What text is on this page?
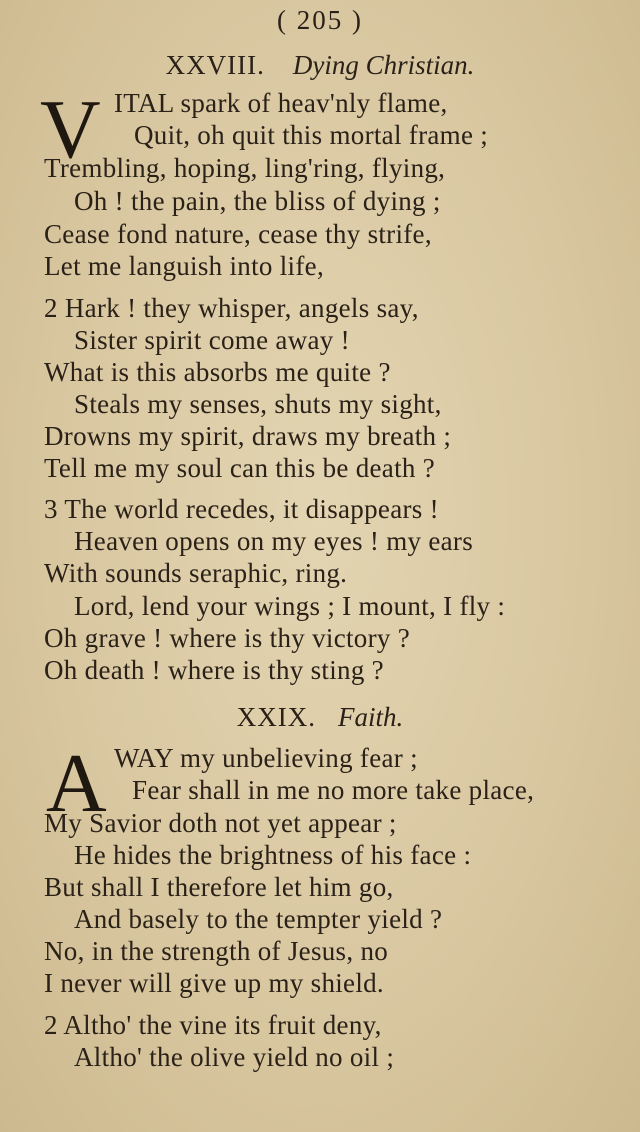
( 205 )
XXVIII. Dying Christian.
V ITAL spark of heav'nly flame,
Quit, oh quit this mortal frame ;
Trembling, hoping, ling'ring, flying,
Oh ! the pain, the bliss of dying ;
Cease fond nature, cease thy strife,
Let me languish into life,
2 Hark ! they whisper, angels say,
Sister spirit come away !
What is this absorbs me quite ?
Steals my senses, shuts my sight,
Drowns my spirit, draws my breath ;
Tell me my soul can this be death ?
3 The world recedes, it disappears !
Heaven opens on my eyes ! my ears
With sounds seraphic, ring.
Lord, lend your wings ; I mount, I fly :
Oh grave ! where is thy victory ?
Oh death ! where is thy sting ?
XXIX. Faith.
A WAY my unbelieving fear ;
Fear shall in me no more take place,
My Savior doth not yet appear ;
He hides the brightness of his face :
But shall I therefore let him go,
And basely to the tempter yield ?
No, in the strength of Jesus, no
I never will give up my shield.
2 Altho' the vine its fruit deny,
Altho' the olive yield no oil ;
